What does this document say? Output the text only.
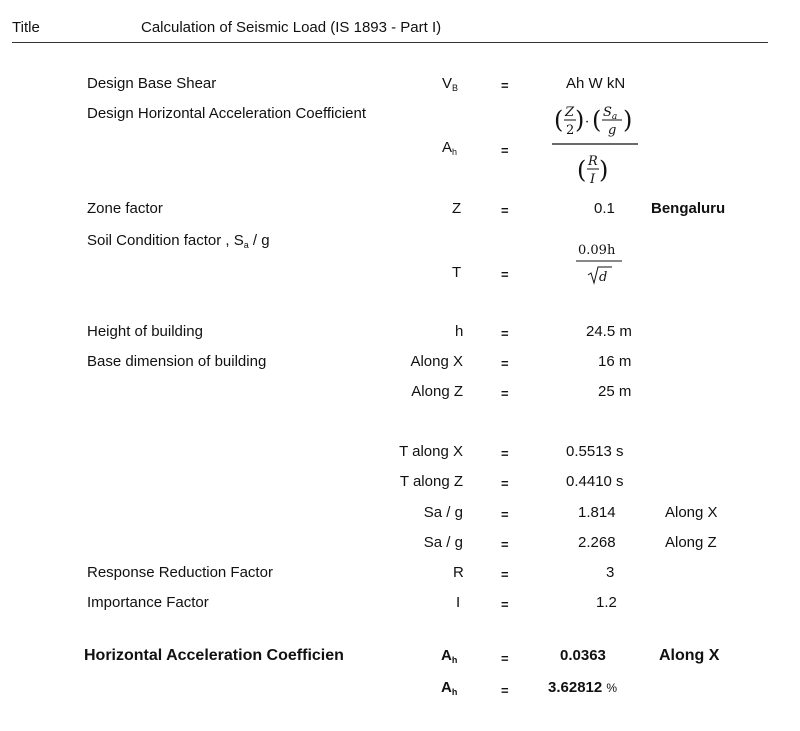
Title	Calculation of Seismic Load (IS 1893 - Part I)
Design Base Shear	$V_B$	=	Ah W kN
Design Horizontal Acceleration Coefficient
$A_h$	=
( Z
2 ) · ( $S_a$
g )
( R
I )
Zone factor	Z	=	0.1 Bengaluru
Soil Condition factor , $S_a$ / g
T	=
0.09h
d
Height of building	h	=	24.5 m
Base dimension of building	Along X	=	16 m
Along Z	=	25 m
T along X	=	0.5513 s
T along Z	=	0.4410 s
Sa / g	=	1.814	Along X
Sa / g	=	2.268	Along Z
Response Reduction Factor	R	=	3
Importance Factor	I	=	1.2
Horizontal Acceleration Coefficien	$A_h$	=	0.0363	Along X
$A_h$	=	3.62812 %
